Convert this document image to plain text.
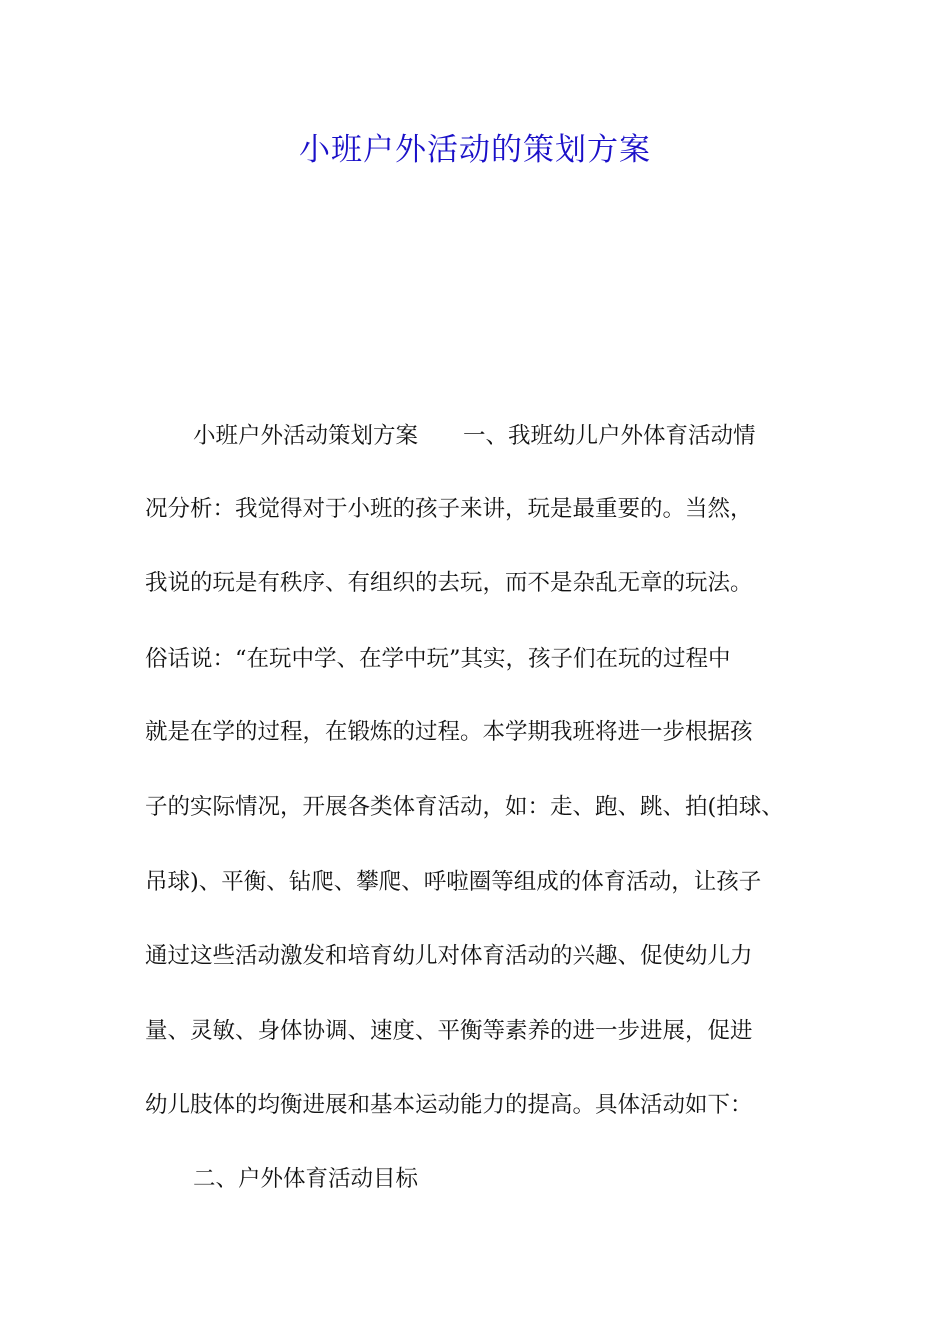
小班户外活动的策划方案

小班户外活动策划方案　　一、我班幼儿户外体育活动情

况分析：我觉得对于小班的孩子来讲，玩是最重要的。当然，

我说的玩是有秩序、有组织的去玩，而不是杂乱无章的玩法。

俗话说：“在玩中学、在学中玩”其实，孩子们在玩的过程中

就是在学的过程，在锻炼的过程。本学期我班将进一步根据孩

子的实际情况，开展各类体育活动，如：走、跑、跳、拍(拍球、

吊球)、平衡、钻爬、攀爬、呼啦圈等组成的体育活动，让孩子

通过这些活动激发和培育幼儿对体育活动的兴趣、促使幼儿力

量、灵敏、身体协调、速度、平衡等素养的进一步进展，促进

幼儿肢体的均衡进展和基本运动能力的提高。具体活动如下：

二、户外体育活动目标
